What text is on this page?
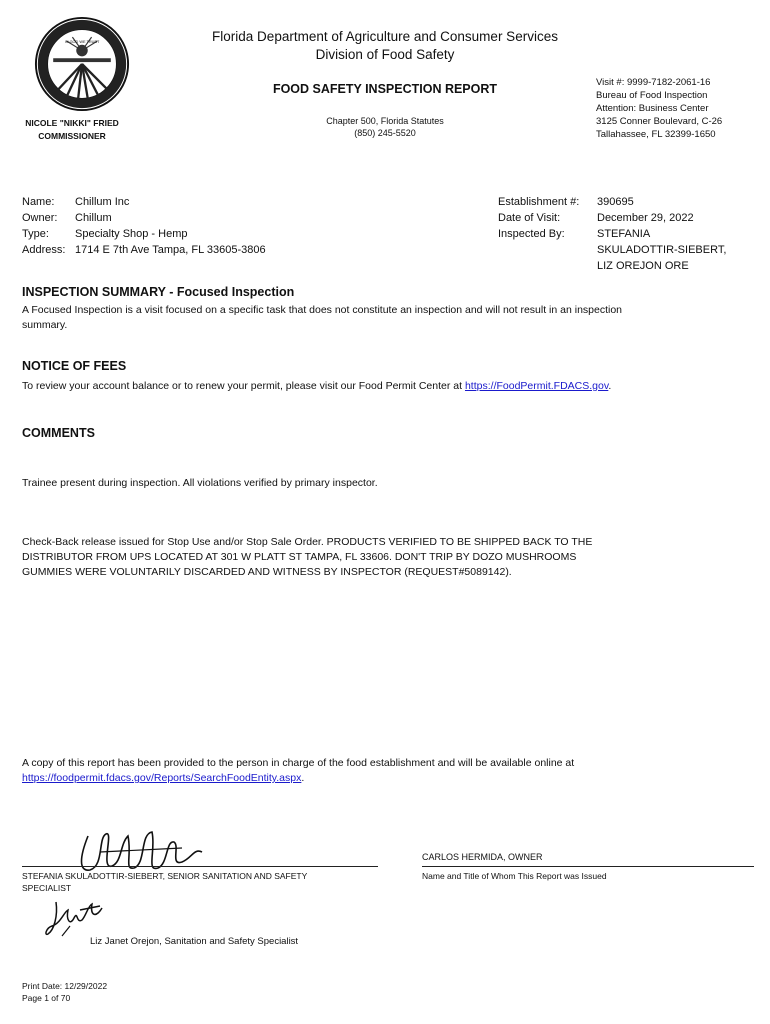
IN GOD WE TRUST	Florida Department of Agriculture and Consumer Services
Division of Food Safety
FOOD SAFETY INSPECTION REPORT
Chapter 500, Florida Statutes
(850) 245-5520
NICOLE "NIKKI" FRIED
COMMISSIONER
Visit #: 9999-7182-2061-16
Bureau of Food Inspection
Attention: Business Center
3125 Conner Boulevard, C-26
Tallahassee, FL 32399-1650
Name:	Chillum Inc
Owner:	Chillum
Type:	Specialty Shop - Hemp
Address: 1714 E 7th Ave Tampa, FL 33605-3806
Establishment #:	390695
Date of Visit:	December 29, 2022
Inspected By:	STEFANIA
SKULADOTTIR-SIEBERT,
LIZ OREJON ORE
INSPECTION SUMMARY - Focused Inspection
A Focused Inspection is a visit focused on a specific task that does not constitute an inspection and will not result in an inspection
summary.
NOTICE OF FEES
To review your account balance or to renew your permit, please visit our Food Permit Center at https://FoodPermit.FDACS.gov.
COMMENTS
Trainee present during inspection. All violations verified by primary inspector.
Check-Back release issued for Stop Use and/or Stop Sale Order. PRODUCTS VERIFIED TO BE SHIPPED BACK TO THE
DISTRIBUTOR FROM UPS LOCATED AT 301 W PLATT ST TAMPA, FL 33606. DON'T TRIP BY DOZO MUSHROOMS
GUMMIES WERE VOLUNTARILY DISCARDED AND WITNESS BY INSPECTOR (REQUEST#5089142).
A copy of this report has been provided to the person in charge of the food establishment and will be available online at
https://foodpermit.fdacs.gov/Reports/SearchFoodEntity.aspx.
STEFANIA SKULADOTTIR-SIEBERT, SENIOR SANITATION AND SAFETY
SPECIALIST
CARLOS HERMIDA, OWNER
Name and Title of Whom This Report was Issued
Liz Janet Orejon, Sanitation and Safety Specialist
Print Date: 12/29/2022
Page 1 of 70
